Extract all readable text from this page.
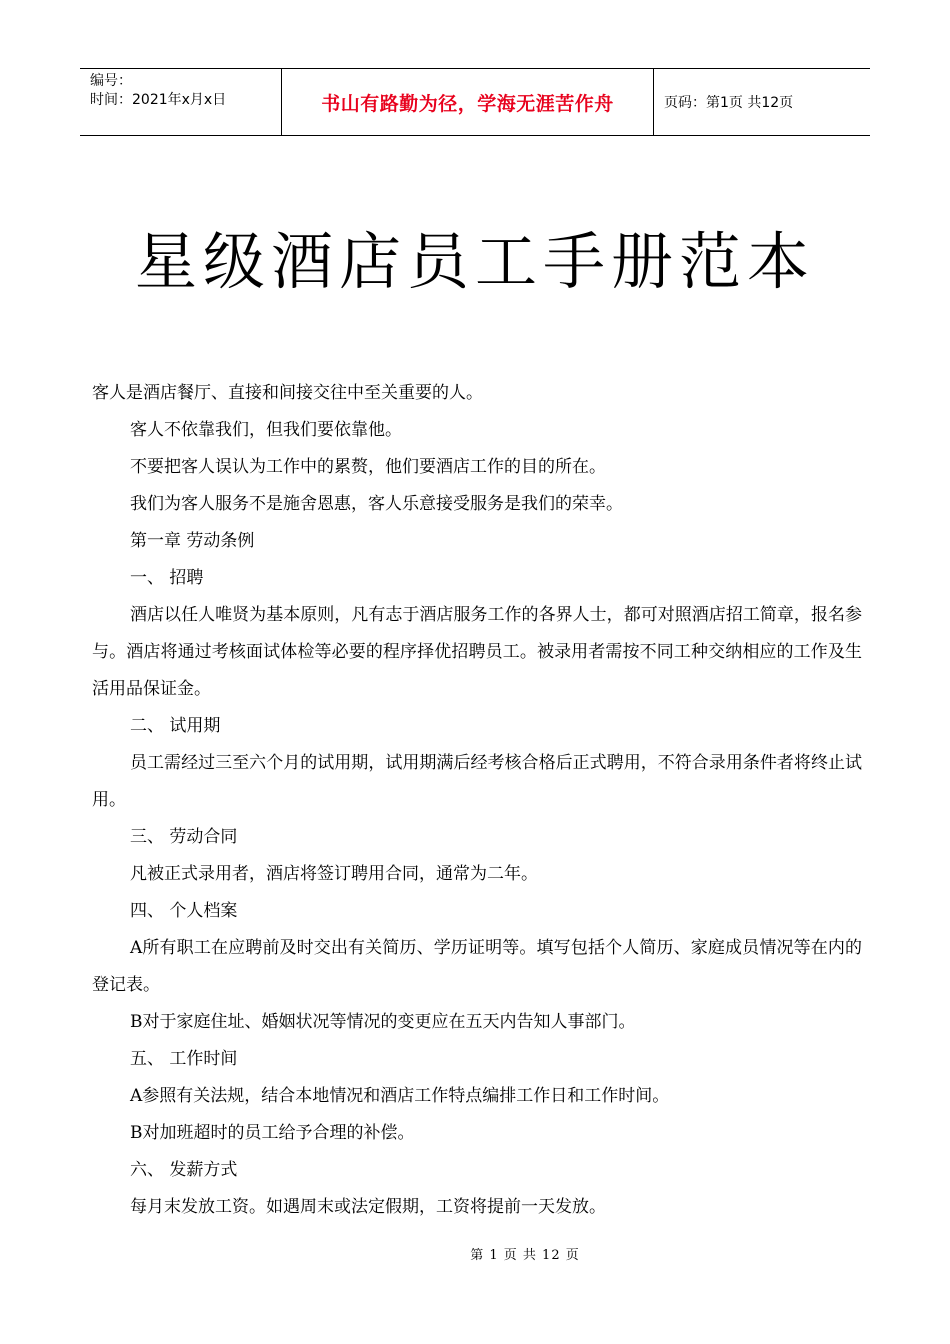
编号：
时间：2021年x月x日	书山有路勤为径，学海无涯苦作舟	页码：第1页 共12页
星级酒店员工手册范本

客人是酒店餐厅、直接和间接交往中至关重要的人。

客人不依靠我们，但我们要依靠他。

不要把客人误认为工作中的累赘，他们要酒店工作的目的所在。

我们为客人服务不是施舍恩惠，客人乐意接受服务是我们的荣幸。

第一章 劳动条例

一、 招聘

酒店以任人唯贤为基本原则，凡有志于酒店服务工作的各界人士，都可对照酒店招工简章，报名参与。酒店将通过考核面试体检等必要的程序择优招聘员工。被录用者需按不同工种交纳相应的工作及生活用品保证金。

二、 试用期

员工需经过三至六个月的试用期，试用期满后经考核合格后正式聘用，不符合录用条件者将终止试用。

三、 劳动合同

凡被正式录用者，酒店将签订聘用合同，通常为二年。

四、 个人档案

A所有职工在应聘前及时交出有关简历、学历证明等。填写包括个人简历、家庭成员情况等在内的登记表。

B对于家庭住址、婚姻状况等情况的变更应在五天内告知人事部门。

五、 工作时间

A参照有关法规，结合本地情况和酒店工作特点编排工作日和工作时间。

B对加班超时的员工给予合理的补偿。

六、 发薪方式

每月末发放工资。如遇周末或法定假期，工资将提前一天发放。

第 1 页 共 12 页
